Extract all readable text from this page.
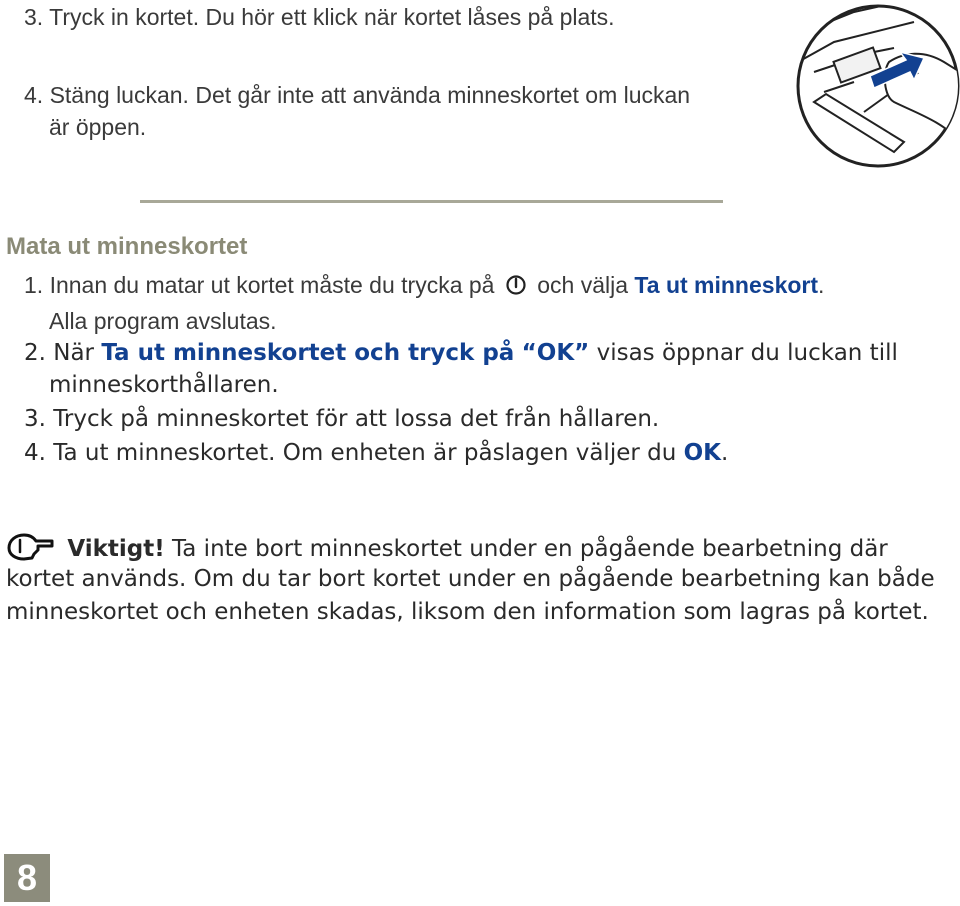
3. Tryck in kortet. Du hör ett klick när kortet låses på plats.

4. Stäng luckan. Det går inte att använda minneskortet om luckan

är öppen.

Mata ut minneskortet

1. Innan du matar ut kortet måste du trycka på och välja Ta ut minneskort.

Alla program avslutas.

2. När Ta ut minneskortet och tryck på “OK” visas öppnar du luckan till

minneskorthållaren.

3. Tryck på minneskortet för att lossa det från hållaren.

4. Ta ut minneskortet. Om enheten är påslagen väljer du OK.

Viktigt! Ta inte bort minneskortet under en pågående bearbetning där

kortet används. Om du tar bort kortet under en pågående bearbetning kan både

minneskortet och enheten skadas, liksom den information som lagras på kortet.

8
